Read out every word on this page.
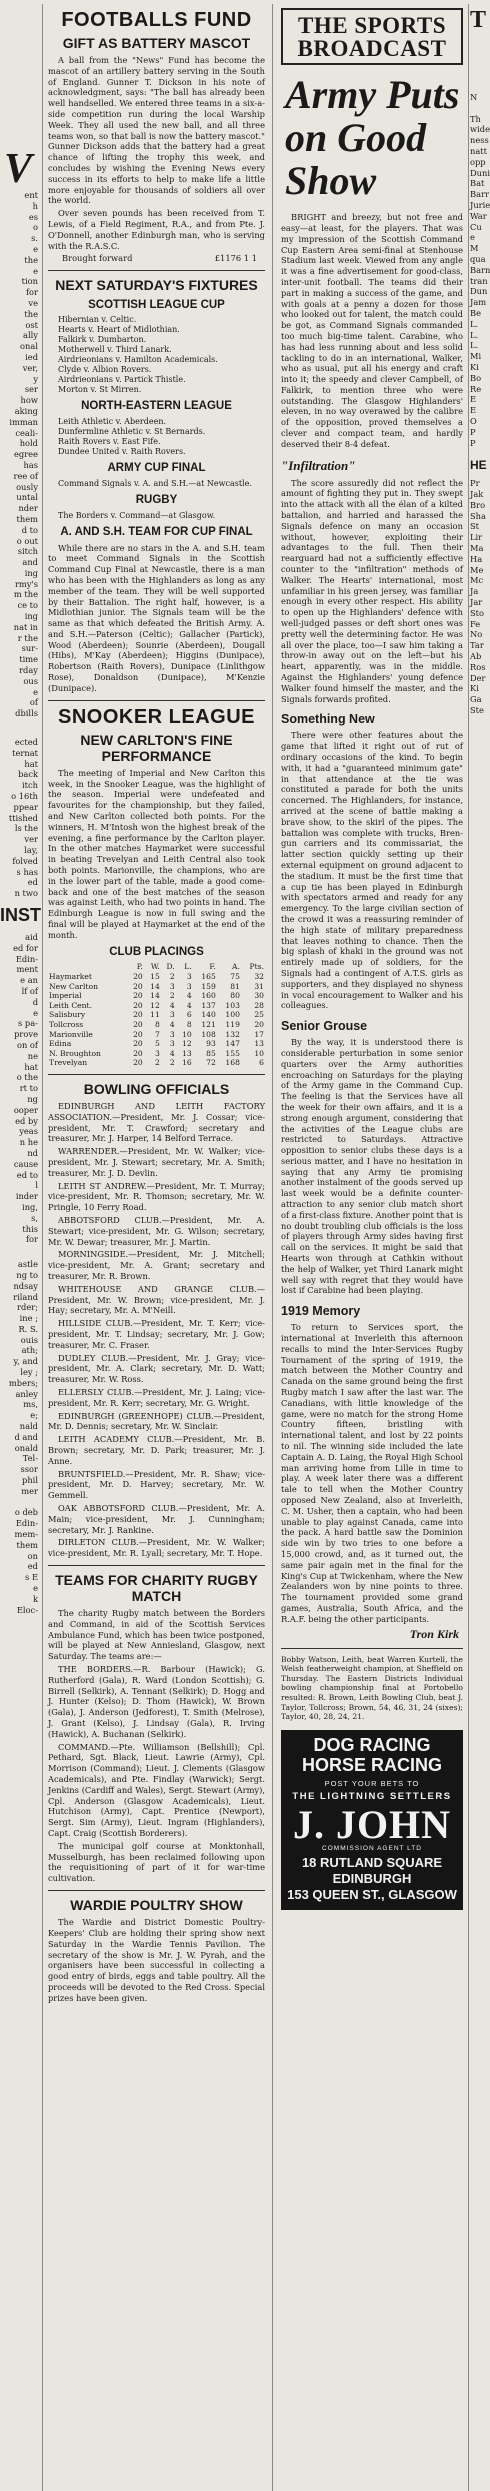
V
ent
h
es
o
s.
e
the
e
tion
for
ve
the
ost
ally
onal
ied
ver,
y
ser
how
aking
imman
ceali-
hold
egree
has
ree of
ously
untal
nder
them
d to
o out
sitch
and
ing
rmy's
m the
ce to
ing
nat in
r the
sur-
time
rday
ous
e
of
dbills
ected
ternat
hat
back
itch
o 16th
ppear
ttished
ls the
ver
lay,
folved
s has
ed
n two
INST
aid
ed for
Edin-
ment
e an
lf of
d
e
s pa-
prove
on of
ne
hat
o the
rt to
ng
ooper
ed by
yeas
n he
nd
cause
ed to
l
inder
ing,
s,
this
for
astle
ng to
ndsay
riland
rder;
ine ;
R. S.
ouis
ath;
y, and
ley ;
mbers;
anley
ms,
e;
nald
d and
onald
Tel-
ssor
phil
mer

o deb
Edin-
mem-
them
on
ed
s E
e
k
Eloc-
FOOTBALLS FUND
GIFT AS BATTERY MASCOT

A ball from the "News" Fund has become the mascot of an artillery battery serving in the South of England. Gunner T. Dickson in his note of acknowledgment, says: "The ball has already been well handselled. We entered three teams in a six-a-side competition run during the local Warship Week. They all used the new ball, and all three teams won, so that ball is now the battery mascot." Gunner Dickson adds that the battery had a great chance of lifting the trophy this week, and concludes by wishing the Evening News every success in its efforts to help to make life a little more enjoyable for thousands of soldiers all over the world.

Over seven pounds has been received from T. Lewis, of a Field Regiment, R.A., and from Pte. J. O'Donnell, another Edinburgh man, who is serving with the R.A.S.C.

Brought forward	£1176 1 1
NEXT SATURDAY'S FIXTURES
SCOTTISH LEAGUE CUP
Hibernian v. Celtic.
Hearts v. Heart of Midlothian.
Falkirk v. Dumbarton.
Motherwell v. Third Lanark.
Airdrieonians v. Hamilton Academicals.
Clyde v. Albion Rovers.
Airdrieonians v. Partick Thistle.
Morton v. St Mirren.
NORTH-EASTERN LEAGUE
Leith Athletic v. Aberdeen.
Dunfermline Athletic v. St Bernards.
Raith Rovers v. East Fife.
Dundee United v. Raith Rovers.
ARMY CUP FINAL
Command Signals v. A. and S.H.—at Newcastle.
RUGBY
The Borders v. Command—at Glasgow.
A. AND S.H. TEAM FOR CUP FINAL

While there are no stars in the A. and S.H. team to meet Command Signals in the Scottish Command Cup Final at Newcastle, there is a man who has been with the Highlanders as long as any member of the team. They will be well supported by their Battalion. The right half, however, is a Midlothian junior. The Signals team will be the same as that which defeated the British Army. A. and S.H.—Paterson (Celtic); Gallacher (Partick), Wood (Aberdeen); Sounrie (Aberdeen), Dougall (Hibs), M'Kay (Aberdeen); Higgins (Dunipace), Robertson (Raith Rovers), Dunipace (Linlithgow Rose), Donaldson (Dunipace), M'Kenzie (Dunipace).

SNOOKER LEAGUE
NEW CARLTON'S FINE PERFORMANCE

The meeting of Imperial and New Carlton this week, in the Snooker League, was the highlight of the season. Imperial were undefeated and favourites for the championship, but they failed, and New Carlton collected both points. For the winners, H. M'Intosh won the highest break of the evening, a fine performance by the Carlton player. In the other matches Haymarket were successful in beating Trevelyan and Leith Central also took both points. Marionville, the champions, who are in the lower part of the table, made a good come-back and one of the best matches of the season was against Leith, who had two points in hand. The Edinburgh League is now in full swing and the final will be played at Haymarket at the end of the month.

CLUB PLACINGS
	P.	W.	D.	L.	F.	A.	Pts.
Haymarket	20	15	2	3	165	75	32
New Carlton	20	14	3	3	159	81	31
Imperial	20	14	2	4	160	80	30
Leith Cent.	20	12	4	4	137	103	28
Salisbury	20	11	3	6	140	100	25
Tollcross	20	8	4	8	121	119	20
Marionville	20	7	3	10	108	132	17
Edina	20	5	3	12	93	147	13
N. Broughton	20	3	4	13	85	155	10
Trevelyan	20	2	2	16	72	168	6
BOWLING OFFICIALS

EDINBURGH AND LEITH FACTORY ASSOCIATION.—President, Mr. J. Cossar; vice-president, Mr. T. Crawford; secretary and treasurer, Mr. J. Harper, 14 Belford Terrace.

WARRENDER.—President, Mr. W. Walker; vice-president, Mr. J. Stewart; secretary, Mr. A. Smith; treasurer, Mr. J. D. Devlin.

LEITH ST ANDREW.—President, Mr. T. Murray; vice-president, Mr. R. Thomson; secretary, Mr. W. Pringle, 10 Ferry Road.

ABBOTSFORD CLUB.—President, Mr. A. Stewart; vice-president, Mr. G. Wilson; secretary, Mr. W. Dewar; treasurer, Mr. J. Martin.

MORNINGSIDE.—President, Mr. J. Mitchell; vice-president, Mr. A. Grant; secretary and treasurer, Mr. R. Brown.

WHITEHOUSE AND GRANGE CLUB.—President, Mr. W. Brown; vice-president, Mr. J. Hay; secretary, Mr. A. M'Neill.

HILLSIDE CLUB.—President, Mr. T. Kerr; vice-president, Mr. T. Lindsay; secretary, Mr. J. Gow; treasurer, Mr. C. Fraser.

DUDLEY CLUB.—President, Mr. J. Gray; vice-president, Mr. A. Clark; secretary, Mr. D. Watt; treasurer, Mr. W. Ross.

ELLERSLY CLUB.—President, Mr. J. Laing; vice-president, Mr. R. Kerr; secretary, Mr. G. Wright.

EDINBURGH (GREENHOPE) CLUB.—President, Mr. D. Dennis; secretary, Mr. W. Sinclair.

LEITH ACADEMY CLUB.—President, Mr. B. Brown; secretary, Mr. D. Park; treasurer, Mr. J. Anne.

BRUNTSFIELD.—President, Mr. R. Shaw; vice-president, Mr. D. Harvey; secretary, Mr. W. Gemmell.

OAK ABBOTSFORD CLUB.—President, Mr. A. Main; vice-president, Mr. J. Cunningham; secretary, Mr. J. Rankine.

DIRLETON CLUB.—President, Mr. W. Walker; vice-president, Mr. R. Lyall; secretary, Mr. T. Hope.

TEAMS FOR CHARITY RUGBY MATCH

The charity Rugby match between the Borders and Command, in aid of the Scottish Services Ambulance Fund, which has been twice postponed, will be played at New Anniesland, Glasgow, next Saturday. The teams are:—

THE BORDERS.—R. Barbour (Hawick); G. Rutherford (Gala), R. Ward (London Scottish); G. Birrell (Selkirk), A. Tennant (Selkirk); D. Hogg and J. Hunter (Kelso); D. Thom (Hawick), W. Brown (Gala), J. Anderson (Jedforest), T. Smith (Melrose), J. Grant (Kelso), J. Lindsay (Gala), R. Irving (Hawick), A. Buchanan (Selkirk).

COMMAND.—Pte. Williamson (Bellshill); Cpl. Pethard, Sgt. Black, Lieut. Lawrie (Army), Cpl. Morrison (Command); Lieut. J. Clements (Glasgow Academicals), and Pte. Findlay (Warwick); Sergt. Jenkins (Cardiff and Wales), Sergt. Stewart (Army), Cpl. Anderson (Glasgow Academicals), Lieut. Hutchison (Army), Capt. Prentice (Newport), Sergt. Sim (Army), Lieut. Ingram (Highlanders), Capt. Craig (Scottish Borderers).

The municipal golf course at Monktonhall, Musselburgh, has been reclaimed following upon the requisitioning of part of it for war-time cultivation.

WARDIE POULTRY SHOW

The Wardie and District Domestic Poultry-Keepers' Club are holding their spring show next Saturday in the Wardie Tennis Pavilion. The secretary of the show is Mr. J. W. Pyrah, and the organisers have been successful in collecting a good entry of birds, eggs and table poultry. All the proceeds will be devoted to the Red Cross. Special prizes have been given.

THE SPORTS
BROADCAST
Army Puts on Good Show

BRIGHT and breezy, but not free and easy—at least, for the players. That was my impression of the Scottish Command Cup Eastern Area semi-final at Stenhouse Stadium last week. Viewed from any angle it was a fine advertisement for good-class, inter-unit football. The teams did their part in making a success of the game, and with goals at a penny a dozen for those who looked out for talent, the match could be got, as Command Signals commanded too much big-time talent. Carabine, who has had less running about and less solid tackling to do in an international, Walker, who as usual, put all his energy and craft into it; the speedy and clever Campbell, of Falkirk, to mention three who were outstanding. The Glasgow Highlanders' eleven, in no way overawed by the calibre of the opposition, proved themselves a clever and compact team, and hardly deserved their 8-4 defeat.

"Infiltration"

The score assuredly did not reflect the amount of fighting they put in. They swept into the attack with all the élan of a kilted battalion, and harried and harassed the Signals defence on many an occasion without, however, exploiting their advantages to the full. Then their rearguard had not a sufficiently effective counter to the "infiltration" methods of Walker. The Hearts' international, most unfamiliar in his green jersey, was familiar enough in every other respect. His ability to open up the Highlanders' defence with well-judged passes or deft short ones was pretty well the determining factor. He was all over the place, too—I saw him taking a throw-in away out on the left—but his heart, apparently, was in the middle. Against the Highlanders' young defence Walker found himself the master, and the Signals forwards profited.

Something New

There were other features about the game that lifted it right out of rut of ordinary occasions of the kind. To begin with, it had a "guaranteed minimum gate" in that attendance at the tie was constituted a parade for both the units concerned. The Highlanders, for instance, arrived at the scene of battle making a brave show, to the skirl of the pipes. The battalion was complete with trucks, Bren-gun carriers and its commissariat, the latter section quickly setting up their external equipment on ground adjacent to the stadium. It must be the first time that a cup tie has been played in Edinburgh with spectators armed and ready for any emergency. To the large civilian section of the crowd it was a reassuring reminder of the high state of military preparedness that leaves nothing to chance. Then the big splash of khaki in the ground was not entirely made up of soldiers, for the Signals had a contingent of A.T.S. girls as supporters, and they displayed no shyness in vocal encouragement to Walker and his colleagues.

Senior Grouse

By the way, it is understood there is considerable perturbation in some senior quarters over the Army authorities encroaching on Saturdays for the playing of the Army game in the Command Cup. The feeling is that the Services have all the week for their own affairs, and it is a strong enough argument, considering that the activities of the League clubs are restricted to Saturdays. Attractive opposition to senior clubs these days is a serious matter, and I have no hesitation in saying that any Army tie promising another instalment of the goods served up last week would be a definite counter-attraction to any senior club match short of a first-class fixture. Another point that is no doubt troubling club officials is the loss of players through Army sides having first call on the services. It might be said that Hearts won through at Cathkin without the help of Walker, yet Third Lanark might well say with regret that they would have lost if Carabine had been playing.

1919 Memory

To return to Services sport, the international at Inverleith this afternoon recalls to mind the Inter-Services Rugby Tournament of the spring of 1919, the match between the Mother Country and Canada on the same ground being the first Rugby match I saw after the last war. The Canadians, with little knowledge of the game, were no match for the strong Home Country fifteen, bristling with international talent, and lost by 22 points to nil. The winning side included the late Captain A. D. Laing, the Royal High School man arriving home from Lille in time to play. A week later there was a different tale to tell when the Mother Country opposed New Zealand, also at Inverleith, C. M. Usher, then a captain, who had been unable to play against Canada, came into the pack. A hard battle saw the Dominion side win by two tries to one before a 15,000 crowd, and, as it turned out, the same pair again met in the final for the King's Cup at Twickenham, where the New Zealanders won by nine points to three. The tournament provided some grand games, Australia, South Africa, and the R.A.F. being the other participants.

Tron Kirk

Bobby Watson, Leith, beat Warren Kurtell, the Welsh featherweight champion, at Sheffield on Thursday. The Eastern Districts Individual bowling championship final at Portobello resulted: R. Brown, Leith Bowling Club, beat J. Taylor, Tollcross; Brown, 54, 46, 31, 24 (sixes); Taylor, 40, 28, 24, 21.

DOG RACING
HORSE RACING
POST YOUR BETS TO
THE LIGHTNING SETTLERS
J. JOHN
COMMISSION AGENT LTD
18 RUTLAND SQUARE EDINBURGH
153 QUEEN ST., GLASGOW
T
N

Th
wide
ness
natt
opp
Duni
Bat
Barr
Jurie
War
Cu
e
M
qua
Barn
tran
Dun
Jam
Be
L.
L.
L.
Mi
Ki
Bo
Re
E
E
O
P
P
HE
Pr
Jak
Bro
Sha
St
Lir
Ma
Ha
Me
Mc
Ja
Jar
Sto
Fe
No
Tar
Ab
Ros
Der
Ki
Ga
Ste
